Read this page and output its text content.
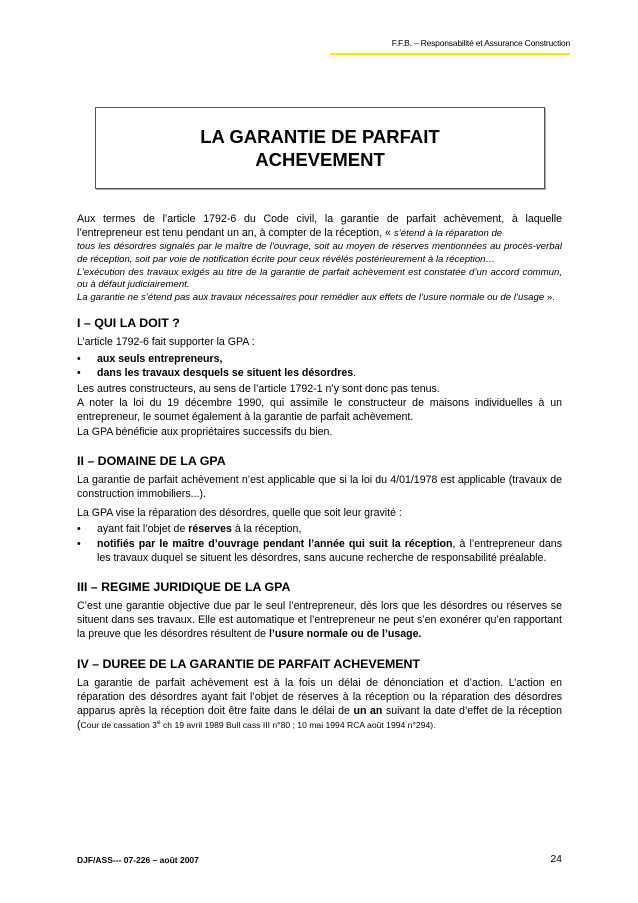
F.F.B. – Responsabilité et Assurance Construction
LA GARANTIE DE PARFAIT
ACHEVEMENT

Aux termes de l’article 1792-6 du Code civil, la garantie de parfait achèvement, à laquelle l’entrepreneur est tenu pendant un an, à compter de la réception, « s’étend à la réparation de

tous les désordres signalés par le maître de l’ouvrage, soit au moyen de réserves mentionnées au procès-verbal de réception, soit par voie de notification écrite pour ceux révélés postérieurement à la réception…

L’exécution des travaux exigés au titre de la garantie de parfait achèvement est constatée d’un accord commun, ou à défaut judiciairement.

La garantie ne s’étend pas aux travaux nécessaires pour remédier aux effets de l’usure normale ou de l’usage ».

I – QUI LA DOIT ?

L’article 1792-6 fait supporter la GPA :

• aux seuls entrepreneurs,
• dans les travaux desquels se situent les désordres.

Les autres constructeurs, au sens de l’article 1792-1 n’y sont donc pas tenus.

A noter la loi du 19 décembre 1990, qui assimile le constructeur de maisons individuelles à un entrepreneur, le soumet également à la garantie de parfait achèvement.

La GPA bénéficie aux propriétaires successifs du bien.

II – DOMAINE DE LA GPA

La garantie de parfait achèvement n’est applicable que si la loi du 4/01/1978 est applicable (travaux de construction immobiliers...).

La GPA vise la réparation des désordres, quelle que soit leur gravité :

• ayant fait l’objet de réserves à la réception,
• notifiés par le maître d’ouvrage pendant l’année qui suit la réception, à l’entrepreneur dans les travaux duquel se situent les désordres, sans aucune recherche de responsabilité préalable.
III – REGIME JURIDIQUE DE LA GPA

C’est une garantie objective due par le seul l’entrepreneur, dès lors que les désordres ou réserves se situent dans ses travaux. Elle est automatique et l’entrepreneur ne peut s’en exonérer qu’en rapportant la preuve que les désordres résultent de l’usure normale ou de l’usage.

IV – DUREE DE LA GARANTIE DE PARFAIT ACHEVEMENT

La garantie de parfait achèvement est à la fois un délai de dénonciation et d’action. L’action en réparation des désordres ayant fait l’objet de réserves à la réception ou la réparation des désordres apparus après la réception doit être faite dans le délai de un an suivant la date d’effet de la réception (Cour de cassation 3e ch 19 avril 1989 Bull cass III n°80 ; 10 mai 1994 RCA août 1994 n°294).

DJF/ASS--- 07-226 – août 2007	24
